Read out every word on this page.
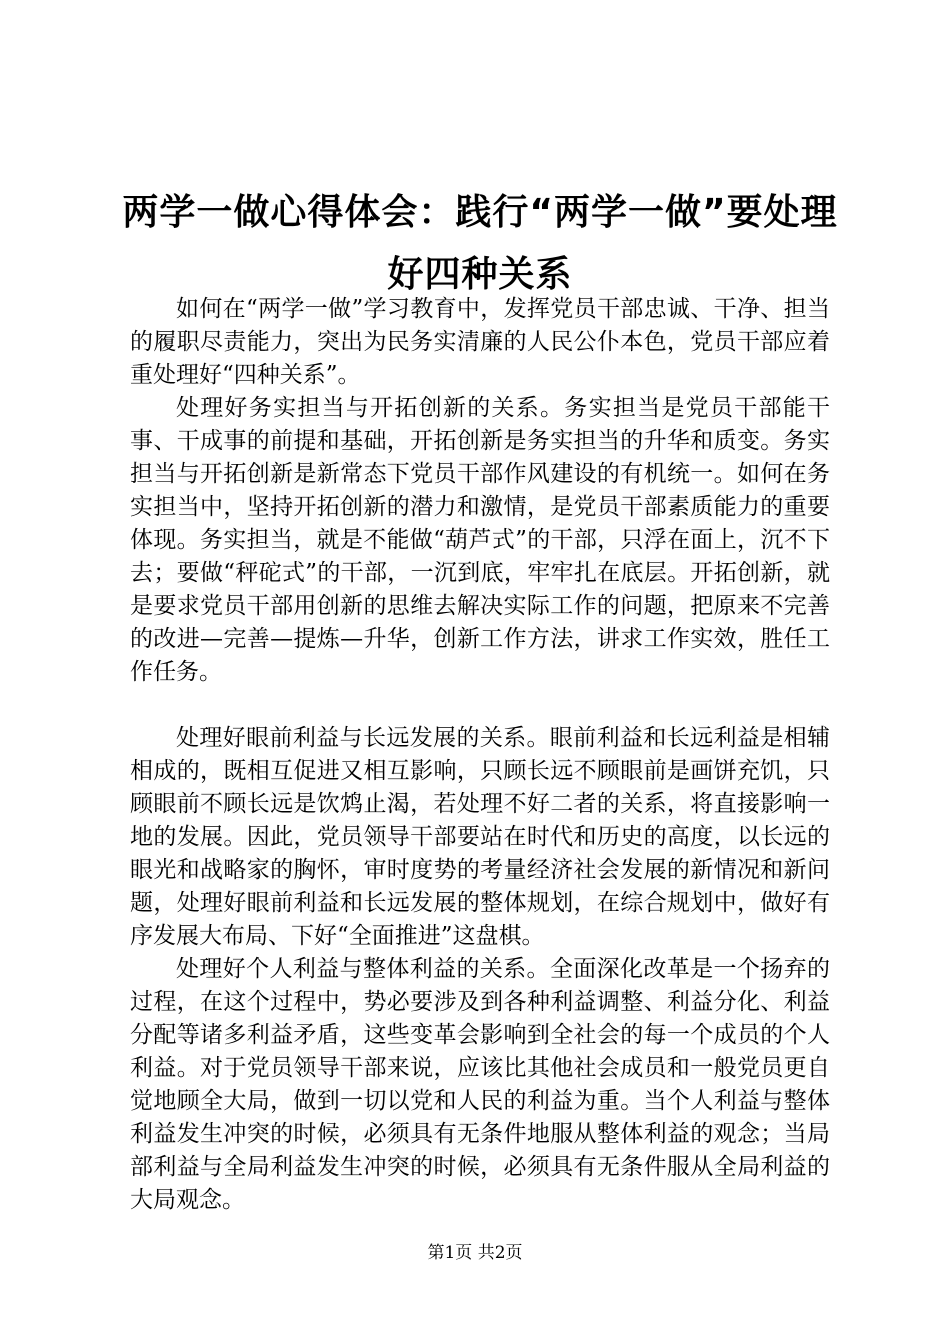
两学一做心得体会：践行“两学一做”要处理好四种关系

如何在“两学一做”学习教育中，发挥党员干部忠诚、干净、担当的履职尽责能力，突出为民务实清廉的人民公仆本色，党员干部应着重处理好“四种关系”。

处理好务实担当与开拓创新的关系。务实担当是党员干部能干事、干成事的前提和基础，开拓创新是务实担当的升华和质变。务实担当与开拓创新是新常态下党员干部作风建设的有机统一。如何在务实担当中，坚持开拓创新的潜力和激情，是党员干部素质能力的重要体现。务实担当，就是不能做“葫芦式”的干部，只浮在面上，沉不下去；要做“秤砣式”的干部，一沉到底，牢牢扎在底层。开拓创新，就是要求党员干部用创新的思维去解决实际工作的问题，把原来不完善的改进—完善—提炼—升华，创新工作方法，讲求工作实效，胜任工作任务。

处理好眼前利益与长远发展的关系。眼前利益和长远利益是相辅相成的，既相互促进又相互影响，只顾长远不顾眼前是画饼充饥，只顾眼前不顾长远是饮鸩止渴，若处理不好二者的关系，将直接影响一地的发展。因此，党员领导干部要站在时代和历史的高度，以长远的眼光和战略家的胸怀，审时度势的考量经济社会发展的新情况和新问题，处理好眼前利益和长远发展的整体规划，在综合规划中，做好有序发展大布局、下好“全面推进”这盘棋。

处理好个人利益与整体利益的关系。全面深化改革是一个扬弃的过程，在这个过程中，势必要涉及到各种利益调整、利益分化、利益分配等诸多利益矛盾，这些变革会影响到全社会的每一个成员的个人利益。对于党员领导干部来说，应该比其他社会成员和一般党员更自觉地顾全大局，做到一切以党和人民的利益为重。当个人利益与整体利益发生冲突的时候，必须具有无条件地服从整体利益的观念；当局部利益与全局利益发生冲突的时候，必须具有无条件服从全局利益的大局观念。

第1页 共2页
